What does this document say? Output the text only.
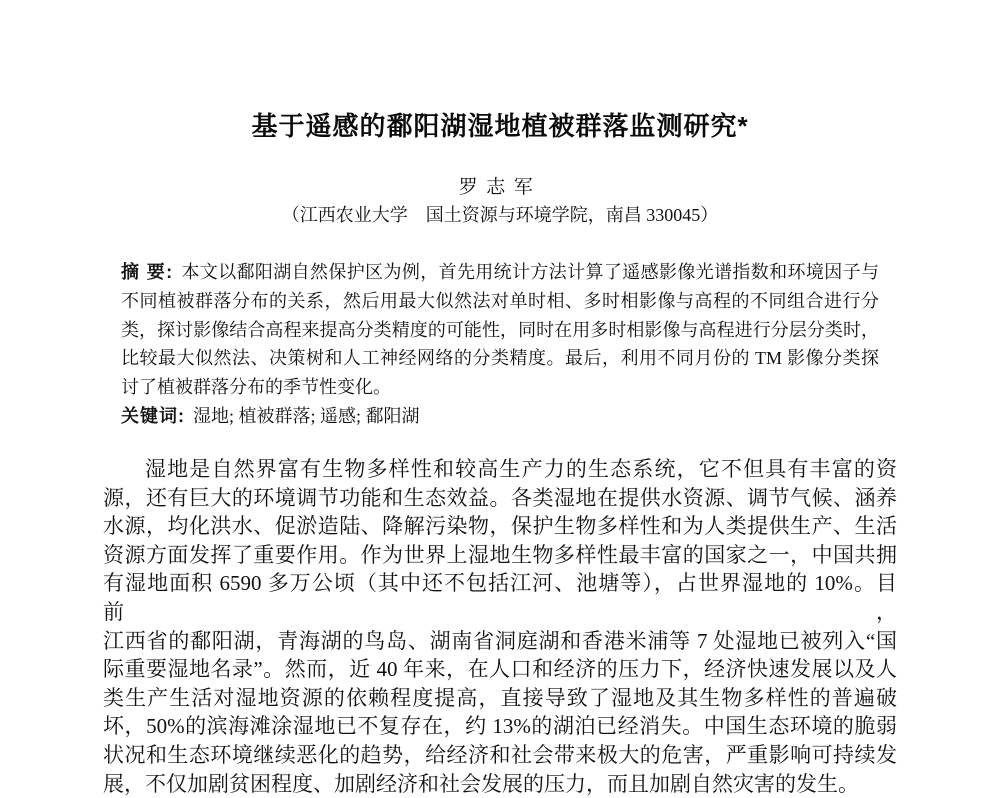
基于遥感的鄱阳湖湿地植被群落监测研究*
罗志军
（江西农业大学　国土资源与环境学院，南昌 330045）
摘 要: 本文以鄱阳湖自然保护区为例，首先用统计方法计算了遥感影像光谱指数和环境因子与
不同植被群落分布的关系，然后用最大似然法对单时相、多时相影像与高程的不同组合进行分
类，探讨影像结合高程来提高分类精度的可能性，同时在用多时相影像与高程进行分层分类时，
比较最大似然法、决策树和人工神经网络的分类精度。最后，利用不同月份的 TM 影像分类探
讨了植被群落分布的季节性变化。
关键词: 湿地; 植被群落; 遥感; 鄱阳湖
湿地是自然界富有生物多样性和较高生产力的生态系统，它不但具有丰富的资
源，还有巨大的环境调节功能和生态效益。各类湿地在提供水资源、调节气候、涵养
水源，均化洪水、促淤造陆、降解污染物，保护生物多样性和为人类提供生产、生活
资源方面发挥了重要作用。作为世界上湿地生物多样性最丰富的国家之一，中国共拥
有湿地面积 6590 多万公顷（其中还不包括江河、池塘等），占世界湿地的 10%。目前，
江西省的鄱阳湖，青海湖的鸟岛、湖南省洞庭湖和香港米浦等 7 处湿地已被列入“国
际重要湿地名录”。然而，近 40 年来，在人口和经济的压力下，经济快速发展以及人
类生产生活对湿地资源的依赖程度提高，直接导致了湿地及其生物多样性的普遍破
坏，50%的滨海滩涂湿地已不复存在，约 13%的湖泊已经消失。中国生态环境的脆弱
状况和生态环境继续恶化的趋势，给经济和社会带来极大的危害，严重影响可持续发
展，不仅加剧贫困程度、加剧经济和社会发展的压力，而且加剧自然灾害的发生。
